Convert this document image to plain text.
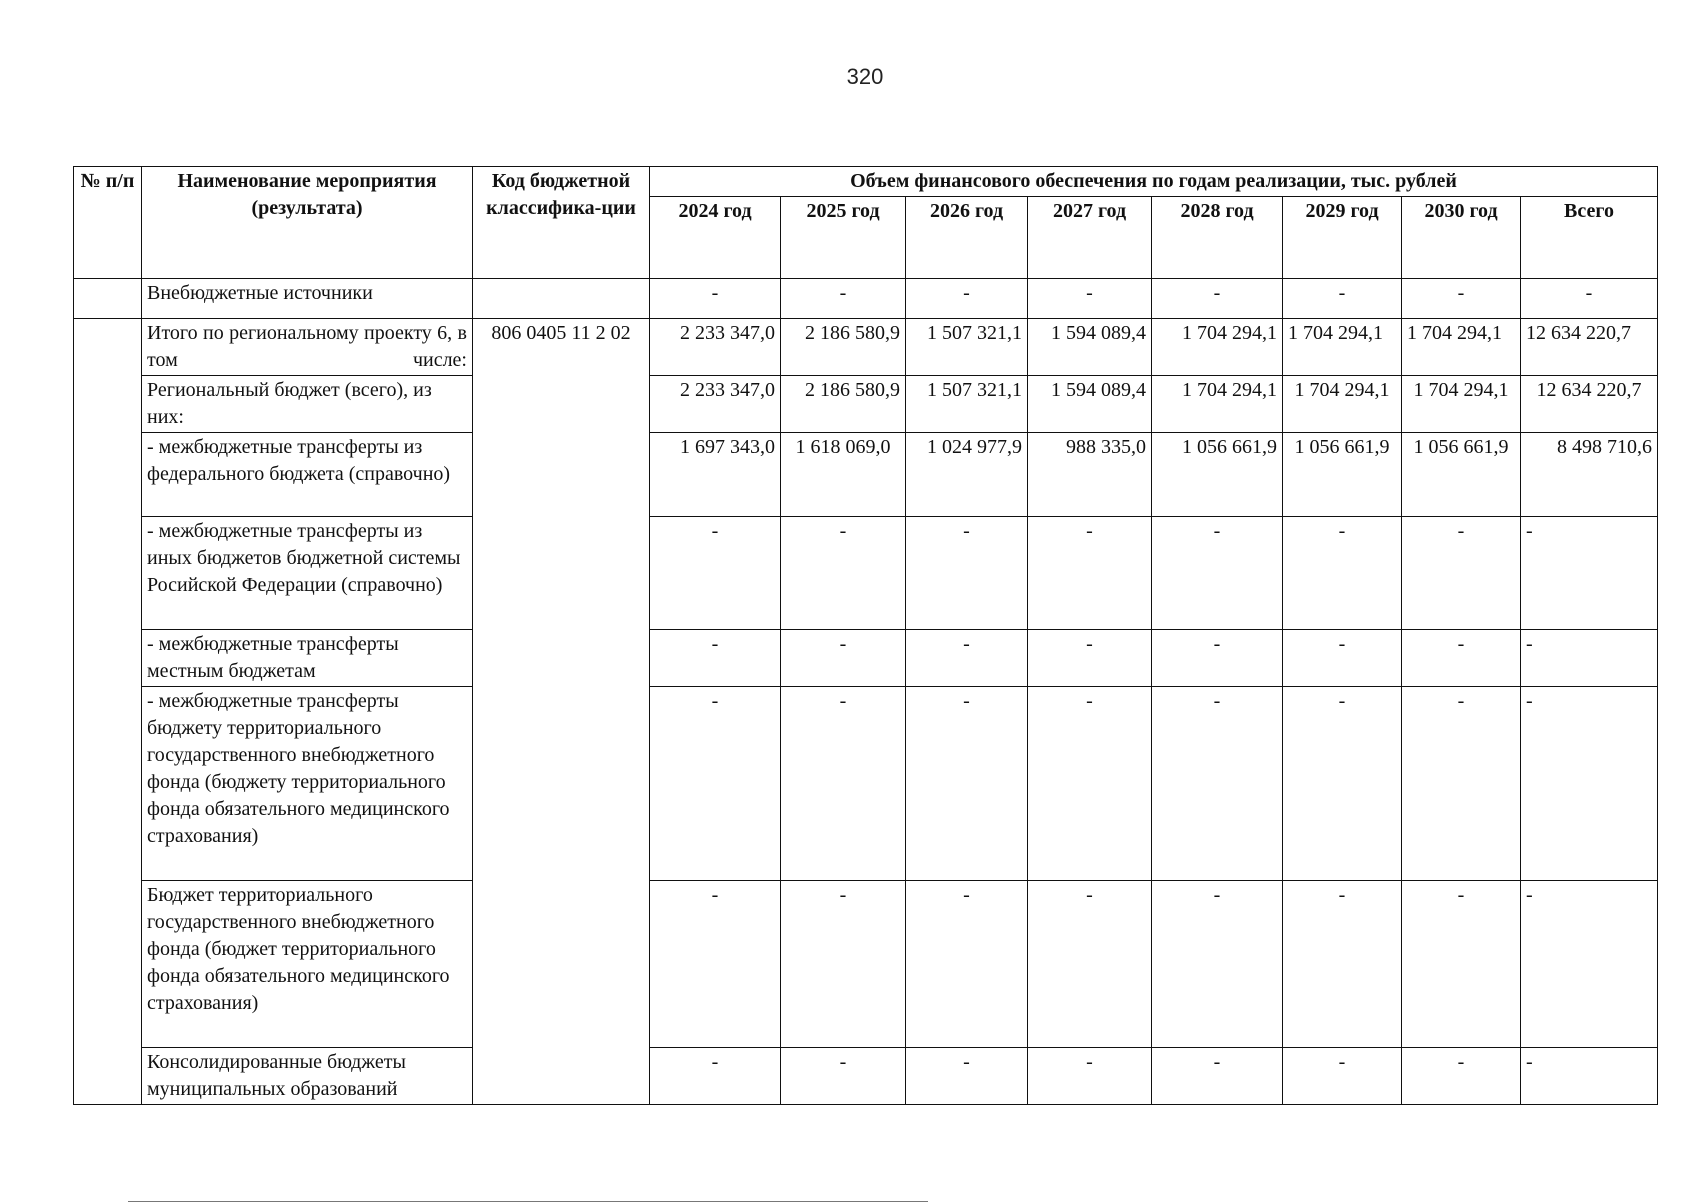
320
№ п/п	Наименование мероприятия (результата)	Код бюджетной классифика-ции	Объем финансового обеспечения по годам реализации, тыс. рублей							
			2024 год	2025 год	2026 год	2027 год	2028 год	2029 год	2030 год	Всего
	Внебюджетные источники		-	-	-	-	-	-	-	-
	Итого по региональному проекту 6, в том числе:	806 0405 11 2 02	2 233 347,0	2 186 580,9	1 507 321,1	1 594 089,4	1 704 294,1	1 704 294,1	1 704 294,1	12 634 220,7
	Региональный бюджет (всего), из них:		2 233 347,0	2 186 580,9	1 507 321,1	1 594 089,4	1 704 294,1	1 704 294,1	1 704 294,1	12 634 220,7
	- межбюджетные трансферты из федерального бюджета (справочно)		1 697 343,0	1 618 069,0	1 024 977,9	988 335,0	1 056 661,9	1 056 661,9	1 056 661,9	8 498 710,6
	- межбюджетные трансферты из иных бюджетов бюджетной системы Росийской Федерации (справочно)		-	-	-	-	-	-	-	-
	- межбюджетные трансферты местным бюджетам		-	-	-	-	-	-	-	-
	- межбюджетные трансферты бюджету территориального государственного внебюджетного фонда (бюджету территориального фонда обязательного медицинского страхования)		-	-	-	-	-	-	-	-
	Бюджет территориального государственного внебюджетного фонда (бюджет территориального фонда обязательного медицинского страхования)		-	-	-	-	-	-	-	-
	Консолидированные бюджеты муниципальных образований		-	-	-	-	-	-	-	-
